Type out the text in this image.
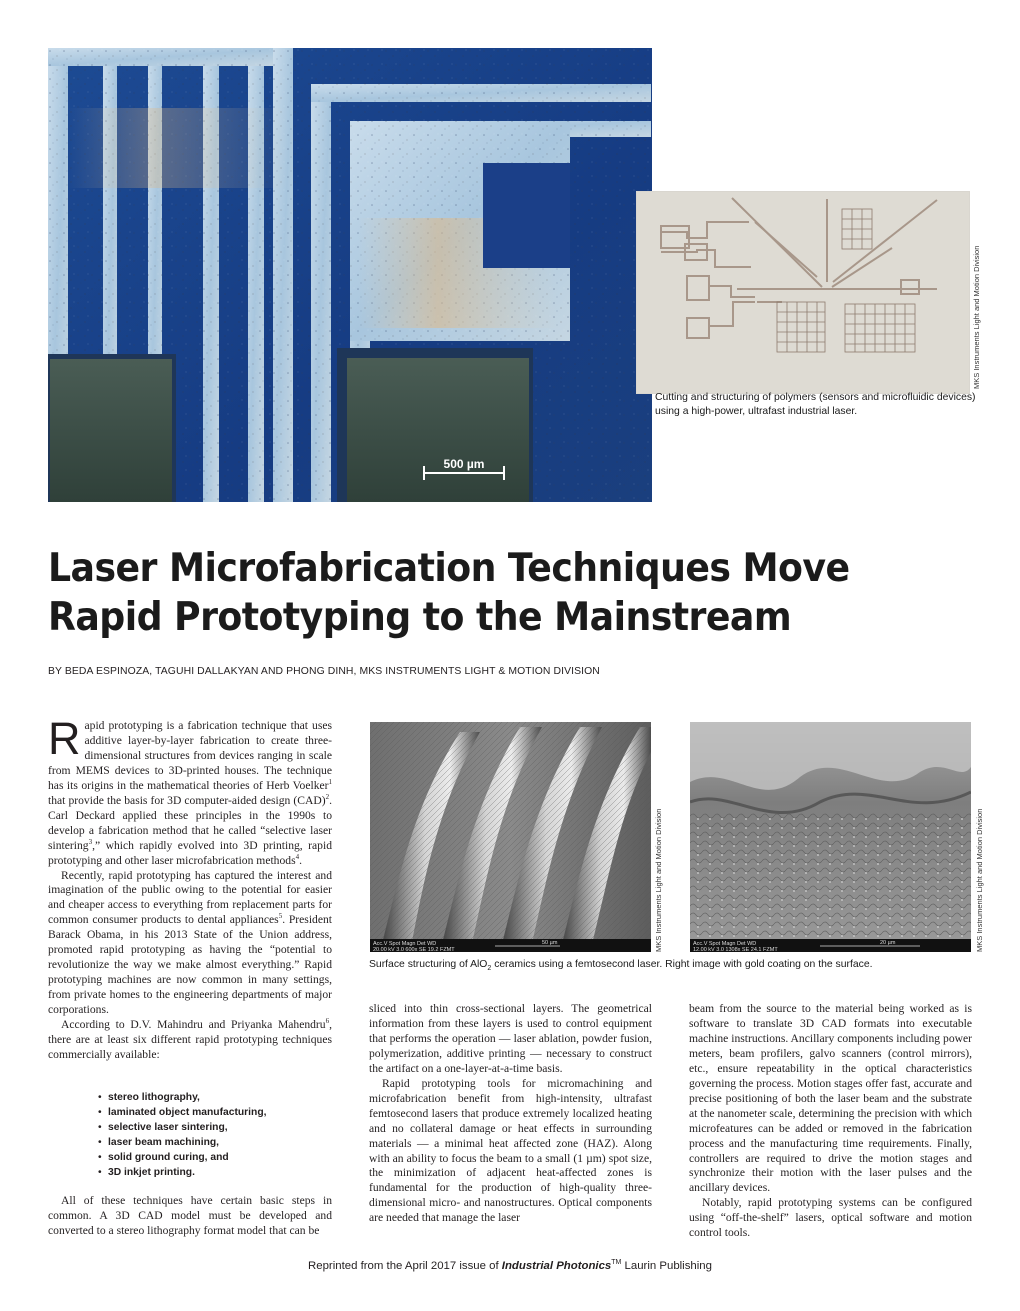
500 µm
MKS Instruments Light and Motion Division
Cutting and structuring of polymers (sensors and microfluidic devices) using a high-power, ultrafast industrial laser.
Laser Microfabrication Techniques Move
Rapid Prototyping to the Mainstream
BY BEDA ESPINOZA, TAGUHI DALLAKYAN AND PHONG DINH, MKS INSTRUMENTS LIGHT & MOTION DIVISION

Rapid prototyping is a fabrication technique that uses additive layer-by-layer fabrication to create three-dimensional structures from devices ranging in scale from MEMS devices to 3D-printed houses. The technique has its origins in the mathematical theories of Herb Voelker$^1$ that provide the basis for 3D computer-aided design (CAD)$^2$. Carl Deckard applied these principles in the 1990s to develop a fabrication method that he called “selective laser sintering$^3$,” which rapidly evolved into 3D printing, rapid prototyping and other laser microfabrication methods$^4$.

Recently, rapid prototyping has captured the interest and imagination of the public owing to the potential for easier and cheaper access to everything from replacement parts for common consumer products to dental appliances$^5$. President Barack Obama, in his 2013 State of the Union address, promoted rapid prototyping as having the “potential to revolutionize the way we make almost everything.” Rapid prototyping machines are now common in many settings, from private homes to the engineering departments of major corporations.

According to D.V. Mahindru and Priyanka Mahendru$^6$, there are at least six different rapid prototyping techniques commercially available:

• stereo lithography,
• laminated object manufacturing,
• selective laser sintering,
• laser beam machining,
• solid ground curing, and
• 3D inkjet printing.

All of these techniques have certain basic steps in common. A 3D CAD model must be developed and converted to a stereo lithography format model that can be

Acc.V Spot Magn Det WD
20.00 kV 3.0 600x SE 19.2 FZMT
50 µm	MKS Instruments Light and Motion Division	Acc.V Spot Magn Det WD
12.00 kV 3.0 1308x SE 24.1 FZMT
20 µm	MKS Instruments Light and Motion Division
Surface structuring of AlO$_2$ ceramics using a femtosecond laser. Right image with gold coating on the surface.

sliced into thin cross-sectional layers. The geometrical information from these layers is used to control equipment that performs the operation — laser ablation, powder fusion, polymerization, additive printing — necessary to construct the artifact on a one-layer-at-a-time basis.

Rapid prototyping tools for micromachining and microfabrication benefit from high-intensity, ultrafast femtosecond lasers that produce extremely localized heating and no collateral damage or heat effects in surrounding materials — a minimal heat affected zone (HAZ). Along with an ability to focus the beam to a small (1 µm) spot size, the minimization of adjacent heat-affected zones is fundamental for the production of high-quality three-dimensional micro- and nanostructures. Optical components are needed that manage the laser

beam from the source to the material being worked as is software to translate 3D CAD formats into executable machine instructions. Ancillary components including power meters, beam profilers, galvo scanners (control mirrors), etc., ensure repeatability in the optical characteristics governing the process. Motion stages offer fast, accurate and precise positioning of both the laser beam and the substrate at the nanometer scale, determining the precision with which microfeatures can be added or removed in the fabrication process and the manufacturing time requirements. Finally, controllers are required to drive the motion stages and synchronize their motion with the laser pulses and the ancillary devices.

Notably, rapid prototyping systems can be configured using “off-the-shelf” lasers, optical software and motion control tools.

Reprinted from the April 2017 issue of Industrial Photonics™ Laurin Publishing
